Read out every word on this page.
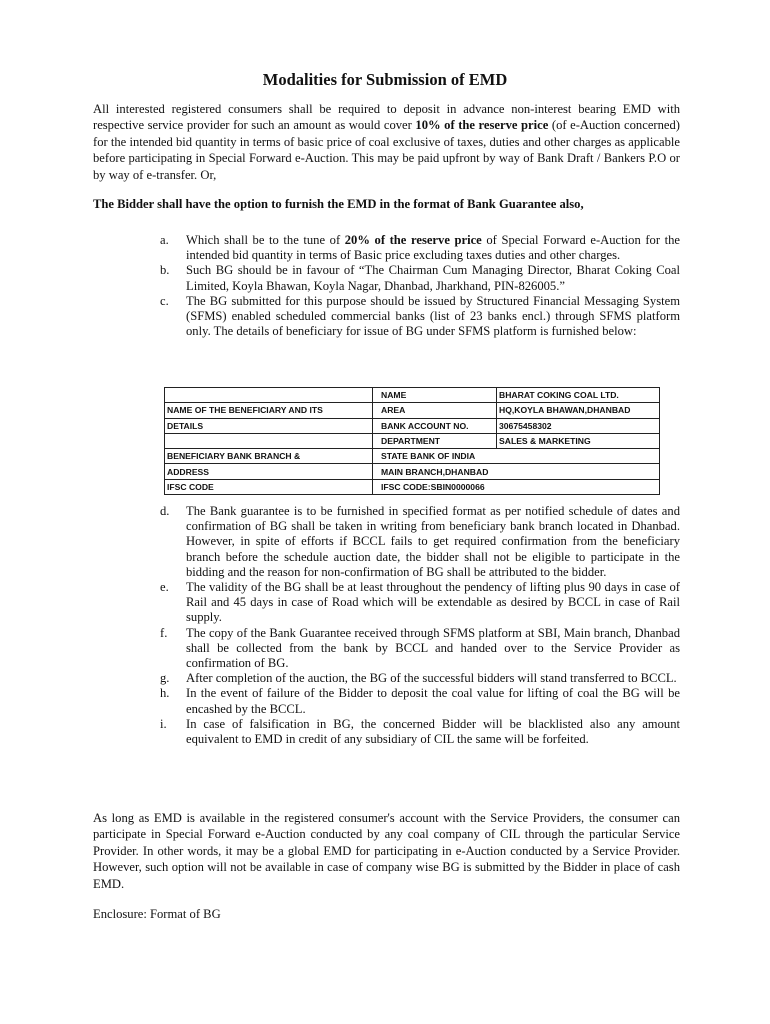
Modalities for Submission of EMD

All interested registered consumers shall be required to deposit in advance non-interest bearing EMD with respective service provider for such an amount as would cover 10% of the reserve price (of e-Auction concerned) for the intended bid quantity in terms of basic price of coal exclusive of taxes, duties and other charges as applicable before participating in Special Forward e-Auction. This may be paid upfront by way of Bank Draft / Bankers P.O or by way of e-transfer. Or,

The Bidder shall have the option to furnish the EMD in the format of Bank Guarantee also,

a.	Which shall be to the tune of 20% of the reserve price of Special Forward e-Auction for the intended bid quantity in terms of Basic price excluding taxes duties and other charges.
b.	Such BG should be in favour of “The Chairman Cum Managing Director, Bharat Coking Coal Limited, Koyla Bhawan, Koyla Nagar, Dhanbad, Jharkhand, PIN-826005.”
c.	The BG submitted for this purpose should be issued by Structured Financial Messaging System (SFMS) enabled scheduled commercial banks (list of 23 banks encl.) through SFMS platform only. The details of beneficiary for issue of BG under SFMS platform is furnished below:
	NAME	BHARAT COKING COAL LTD.
NAME OF THE BENEFICIARY AND ITS	AREA	HQ,KOYLA BHAWAN,DHANBAD
DETAILS	BANK ACCOUNT NO.	30675458302
	DEPARTMENT	SALES & MARKETING
BENEFICIARY BANK BRANCH &	STATE BANK OF INDIA	
ADDRESS	MAIN BRANCH,DHANBAD	
IFSC CODE	IFSC CODE:SBIN0000066	
d.	The Bank guarantee is to be furnished in specified format as per notified schedule of dates and confirmation of BG shall be taken in writing from beneficiary bank branch located in Dhanbad. However, in spite of efforts if BCCL fails to get required confirmation from the beneficiary branch before the schedule auction date, the bidder shall not be eligible to participate in the bidding and the reason for non-confirmation of BG shall be attributed to the bidder.
e.	The validity of the BG shall be at least throughout the pendency of lifting plus 90 days in case of Rail and 45 days in case of Road which will be extendable as desired by BCCL in case of Rail supply.
f.	The copy of the Bank Guarantee received through SFMS platform at SBI, Main branch, Dhanbad shall be collected from the bank by BCCL and handed over to the Service Provider as confirmation of BG.
g.	After completion of the auction, the BG of the successful bidders will stand transferred to BCCL.
h.	In the event of failure of the Bidder to deposit the coal value for lifting of coal the BG will be encashed by the BCCL.
i.	In case of falsification in BG, the concerned Bidder will be blacklisted also any amount equivalent to EMD in credit of any subsidiary of CIL the same will be forfeited.

As long as EMD is available in the registered consumer's account with the Service Providers, the consumer can participate in Special Forward e-Auction conducted by any coal company of CIL through the particular Service Provider. In other words, it may be a global EMD for participating in e-Auction conducted by a Service Provider. However, such option will not be available in case of company wise BG is submitted by the Bidder in place of cash EMD.

Enclosure: Format of BG
